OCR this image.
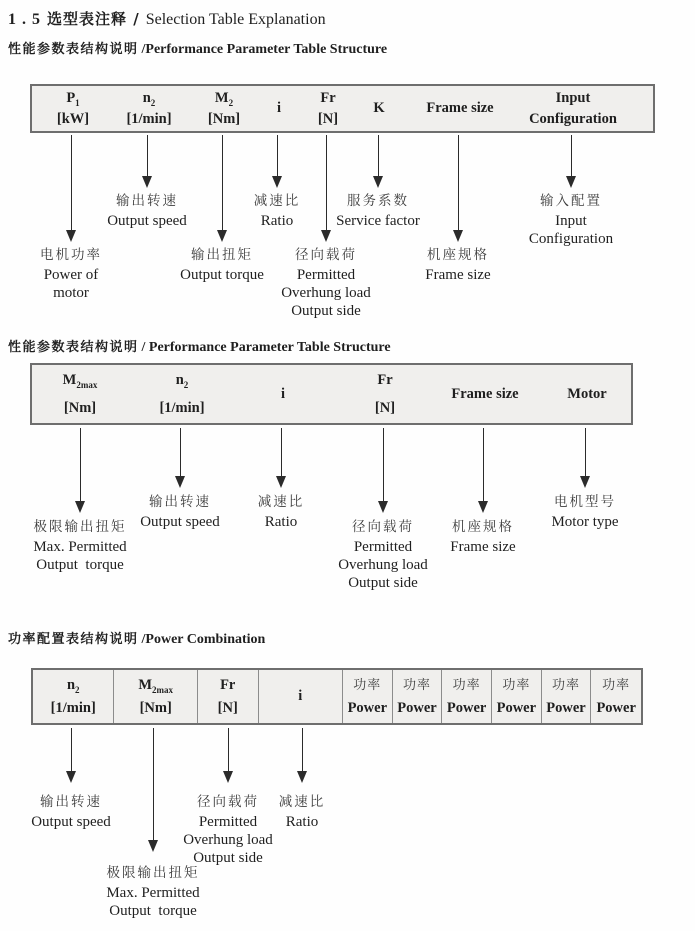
1 . 5 选型表注释 / Selection Table Explanation
性能参数表结构说明 /Performance Parameter Table Structure
$P_1$
[kW]
$n_2$
[1/min]
$M_2$
[Nm]
i
Fr
[N]
K	Frame size
Input
Configuration
输出转速
Output speed
减速比
Ratio
服务系数
Service factor
输入配置
Input
Configuration
电机功率
Power of
motor
输出扭矩
Output torque
径向载荷
Permitted
Overhung load
Output side
机座规格
Frame size
性能参数表结构说明 / Performance Parameter Table Structure
$M_{2max}$
[Nm]
$n_2$
[1/min]
i
Fr
[N]
Frame size	Motor
输出转速
Output speed
减速比
Ratio
电机型号
Motor type
极限输出扭矩
Max. Permitted
Output  torque
径向载荷
Permitted
Overhung load
Output side
机座规格
Frame size
功率配置表结构说明 /Power Combination
$n_2$
[1/min]
$M_{2max}$
[Nm]
Fr
[N]
i
功率
Power
功率
Power
功率
Power
功率
Power
功率
Power
功率
Power
输出转速
Output speed
径向载荷
Permitted
Overhung load
Output side
减速比
Ratio
极限输出扭矩
Max. Permitted
Output  torque
